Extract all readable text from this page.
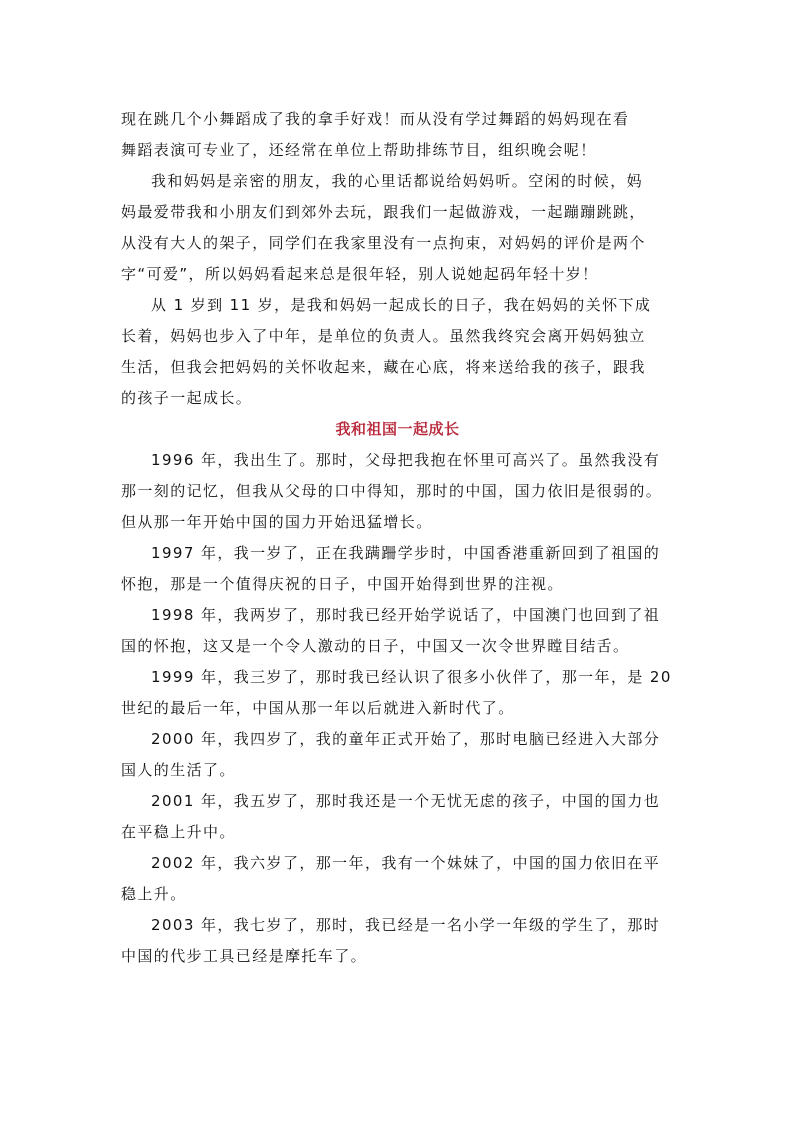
现在跳几个小舞蹈成了我的拿手好戏！而从没有学过舞蹈的妈妈现在看
舞蹈表演可专业了，还经常在单位上帮助排练节目，组织晚会呢！

我和妈妈是亲密的朋友，我的心里话都说给妈妈听。空闲的时候，妈
妈最爱带我和小朋友们到郊外去玩，跟我们一起做游戏，一起蹦蹦跳跳，
从没有大人的架子，同学们在我家里没有一点拘束，对妈妈的评价是两个
字“可爱”，所以妈妈看起来总是很年轻，别人说她起码年轻十岁！

从 1 岁到 11 岁，是我和妈妈一起成长的日子，我在妈妈的关怀下成
长着，妈妈也步入了中年，是单位的负责人。虽然我终究会离开妈妈独立
生活，但我会把妈妈的关怀收起来，藏在心底，将来送给我的孩子，跟我
的孩子一起成长。

我和祖国一起成长

1996 年，我出生了。那时，父母把我抱在怀里可高兴了。虽然我没有
那一刻的记忆，但我从父母的口中得知，那时的中国，国力依旧是很弱的。
但从那一年开始中国的国力开始迅猛增长。

1997 年，我一岁了，正在我蹒跚学步时，中国香港重新回到了祖国的
怀抱，那是一个值得庆祝的日子，中国开始得到世界的注视。

1998 年，我两岁了，那时我已经开始学说话了，中国澳门也回到了祖
国的怀抱，这又是一个令人激动的日子，中国又一次令世界瞠目结舌。

1999 年，我三岁了，那时我已经认识了很多小伙伴了，那一年，是 20
世纪的最后一年，中国从那一年以后就进入新时代了。

2000 年，我四岁了，我的童年正式开始了，那时电脑已经进入大部分
国人的生活了。

2001 年，我五岁了，那时我还是一个无忧无虑的孩子，中国的国力也
在平稳上升中。

2002 年，我六岁了，那一年，我有一个妹妹了，中国的国力依旧在平
稳上升。

2003 年，我七岁了，那时，我已经是一名小学一年级的学生了，那时
中国的代步工具已经是摩托车了。
